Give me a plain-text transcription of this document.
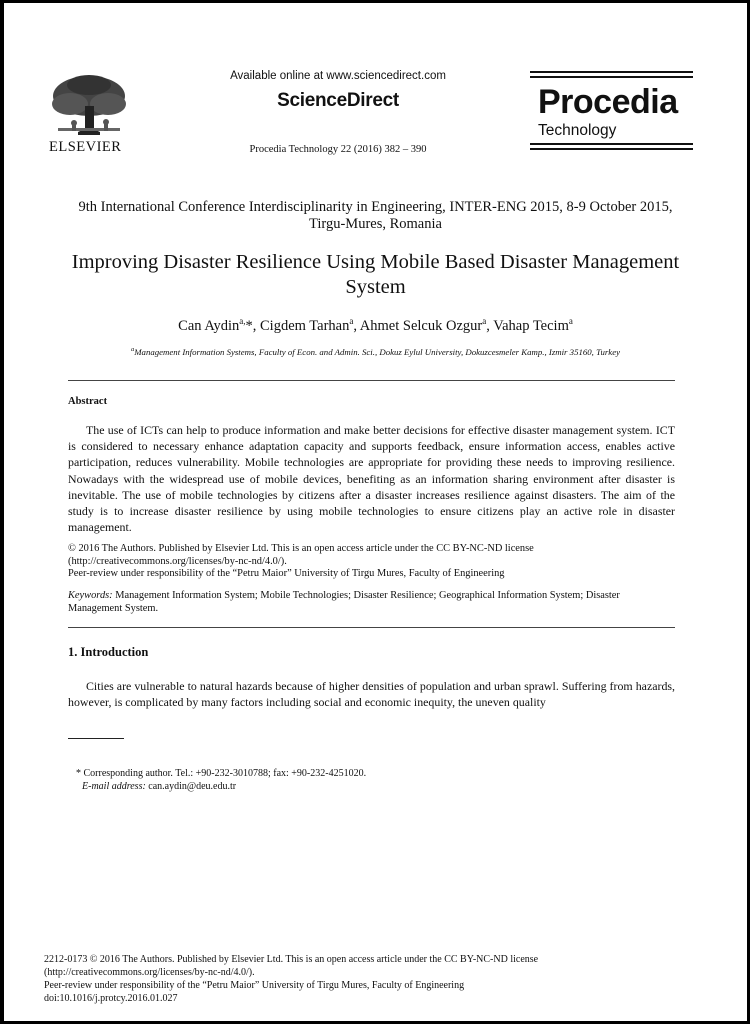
ELSEVIER
Available online at www.sciencedirect.com
ScienceDirect
Procedia Technology 22 (2016) 382 – 390
Procedia
Technology
9th International Conference Interdisciplinarity in Engineering, INTER-ENG 2015, 8-9 October 2015, Tirgu-Mures, Romania
Improving Disaster Resilience Using Mobile Based Disaster Management System
Can Aydin$^{a,}$*, Cigdem Tarhan$^a$, Ahmet Selcuk Ozgur$^a$, Vahap Tecim$^a$
$^a$Management Information Systems, Faculty of Econ. and Admin. Sci., Dokuz Eylul University, Dokuzcesmeler Kamp., Izmir 35160, Turkey
Abstract
The use of ICTs can help to produce information and make better decisions for effective disaster management system. ICT is considered to necessary enhance adaptation capacity and supports feedback, ensure information access, enables active participation, reduces vulnerability. Mobile technologies are appropriate for providing these needs to improving resilience. Nowadays with the widespread use of mobile devices, benefiting as an information sharing environment after disaster is inevitable. The use of mobile technologies by citizens after a disaster increases resilience against disasters. The aim of the study is to increase disaster resilience by using mobile technologies to ensure citizens play an active role in disaster management.
© 2016 The Authors. Published by Elsevier Ltd. This is an open access article under the CC BY-NC-ND license
(http://creativecommons.org/licenses/by-nc-nd/4.0/).
Peer-review under responsibility of the “Petru Maior” University of Tirgu Mures, Faculty of Engineering
Keywords: Management Information System; Mobile Technologies; Disaster Resilience; Geographical Information System; Disaster Management System.
1. Introduction
Cities are vulnerable to natural hazards because of higher densities of population and urban sprawl. Suffering from hazards, however, is complicated by many factors including social and economic inequity, the uneven quality
* Corresponding author. Tel.: +90-232-3010788; fax: +90-232-4251020.
E-mail address: can.aydin@deu.edu.tr
2212-0173 © 2016 The Authors. Published by Elsevier Ltd. This is an open access article under the CC BY-NC-ND license
(http://creativecommons.org/licenses/by-nc-nd/4.0/).
Peer-review under responsibility of the “Petru Maior” University of Tirgu Mures, Faculty of Engineering
doi:10.1016/j.protcy.2016.01.027
